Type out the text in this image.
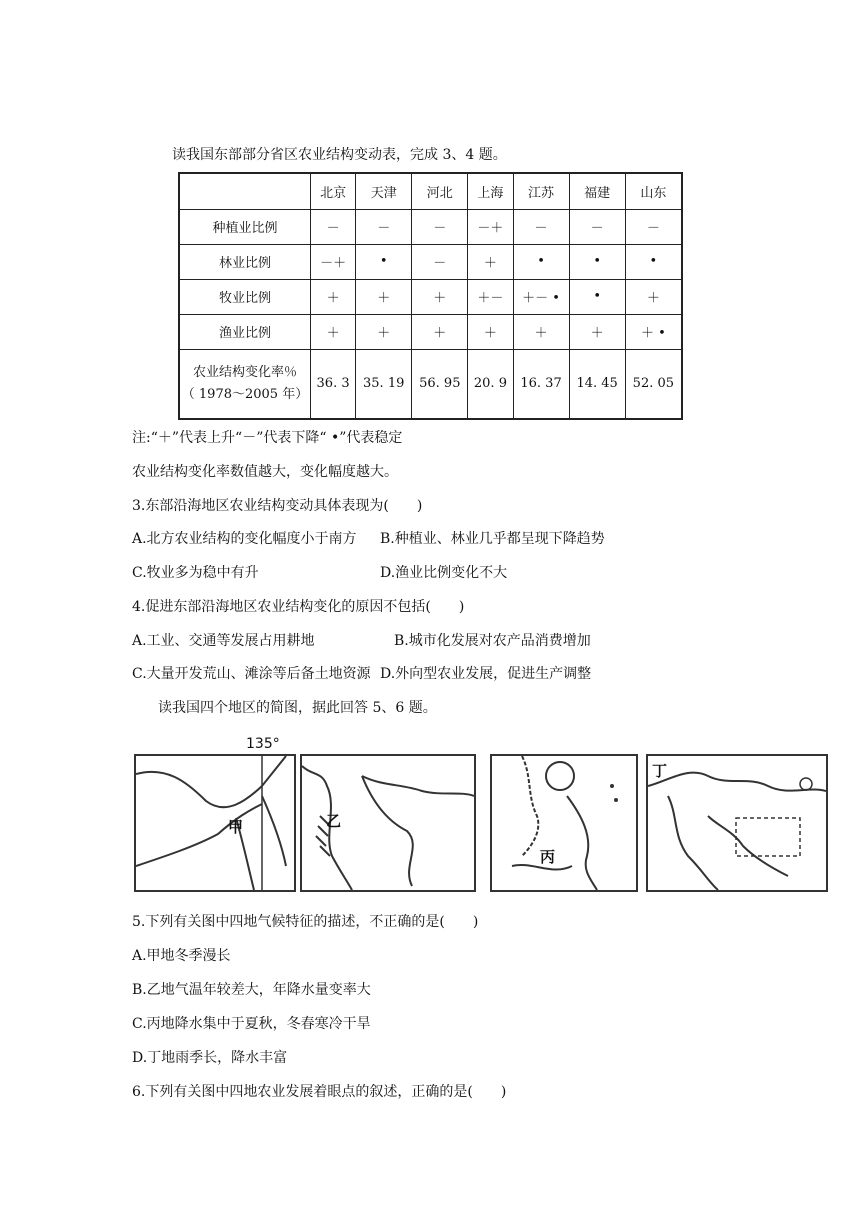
读我国东部部分省区农业结构变动表，完成 3、4 题。
	北京	天津	河北	上海	江苏	福建	山东
种植业比例	－	－	－	－＋	－	－	－
林业比例	－＋	•	－	＋	•	•	•
牧业比例	＋	＋	＋	＋－	＋－ •	•	＋
渔业比例	＋	＋	＋	＋	＋	＋	＋ •

农业结构变化率％
（ 1978～2005 年）	36. 3	35. 19	56. 95	20. 9	16. 37	14. 45	52. 05
注:“＋”代表上升“－”代表下降“ •”代表稳定
农业结构变化率数值越大，变化幅度越大。
3.东部沿海地区农业结构变动具体表现为(　　)
A.北方农业结构的变化幅度小于南方 B.种植业、林业几乎都呈现下降趋势
C.牧业多为稳中有升	D.渔业比例变化不大
4.促进东部沿海地区农业结构变化的原因不包括(　　)
A.工业、交通等发展占用耕地	B.城市化发展对农产品消费增加
C.大量开发荒山、滩涂等后备土地资源 D.外向型农业发展，促进生产调整
读我国四个地区的简图，据此回答 5、6 题。
135°
甲	乙
丙
丁
5.下列有关图中四地气候特征的描述，不正确的是(　　)
A.甲地冬季漫长
B.乙地气温年较差大，年降水量变率大
C.丙地降水集中于夏秋，冬春寒冷干旱
D.丁地雨季长，降水丰富
6.下列有关图中四地农业发展着眼点的叙述，正确的是(　　)
